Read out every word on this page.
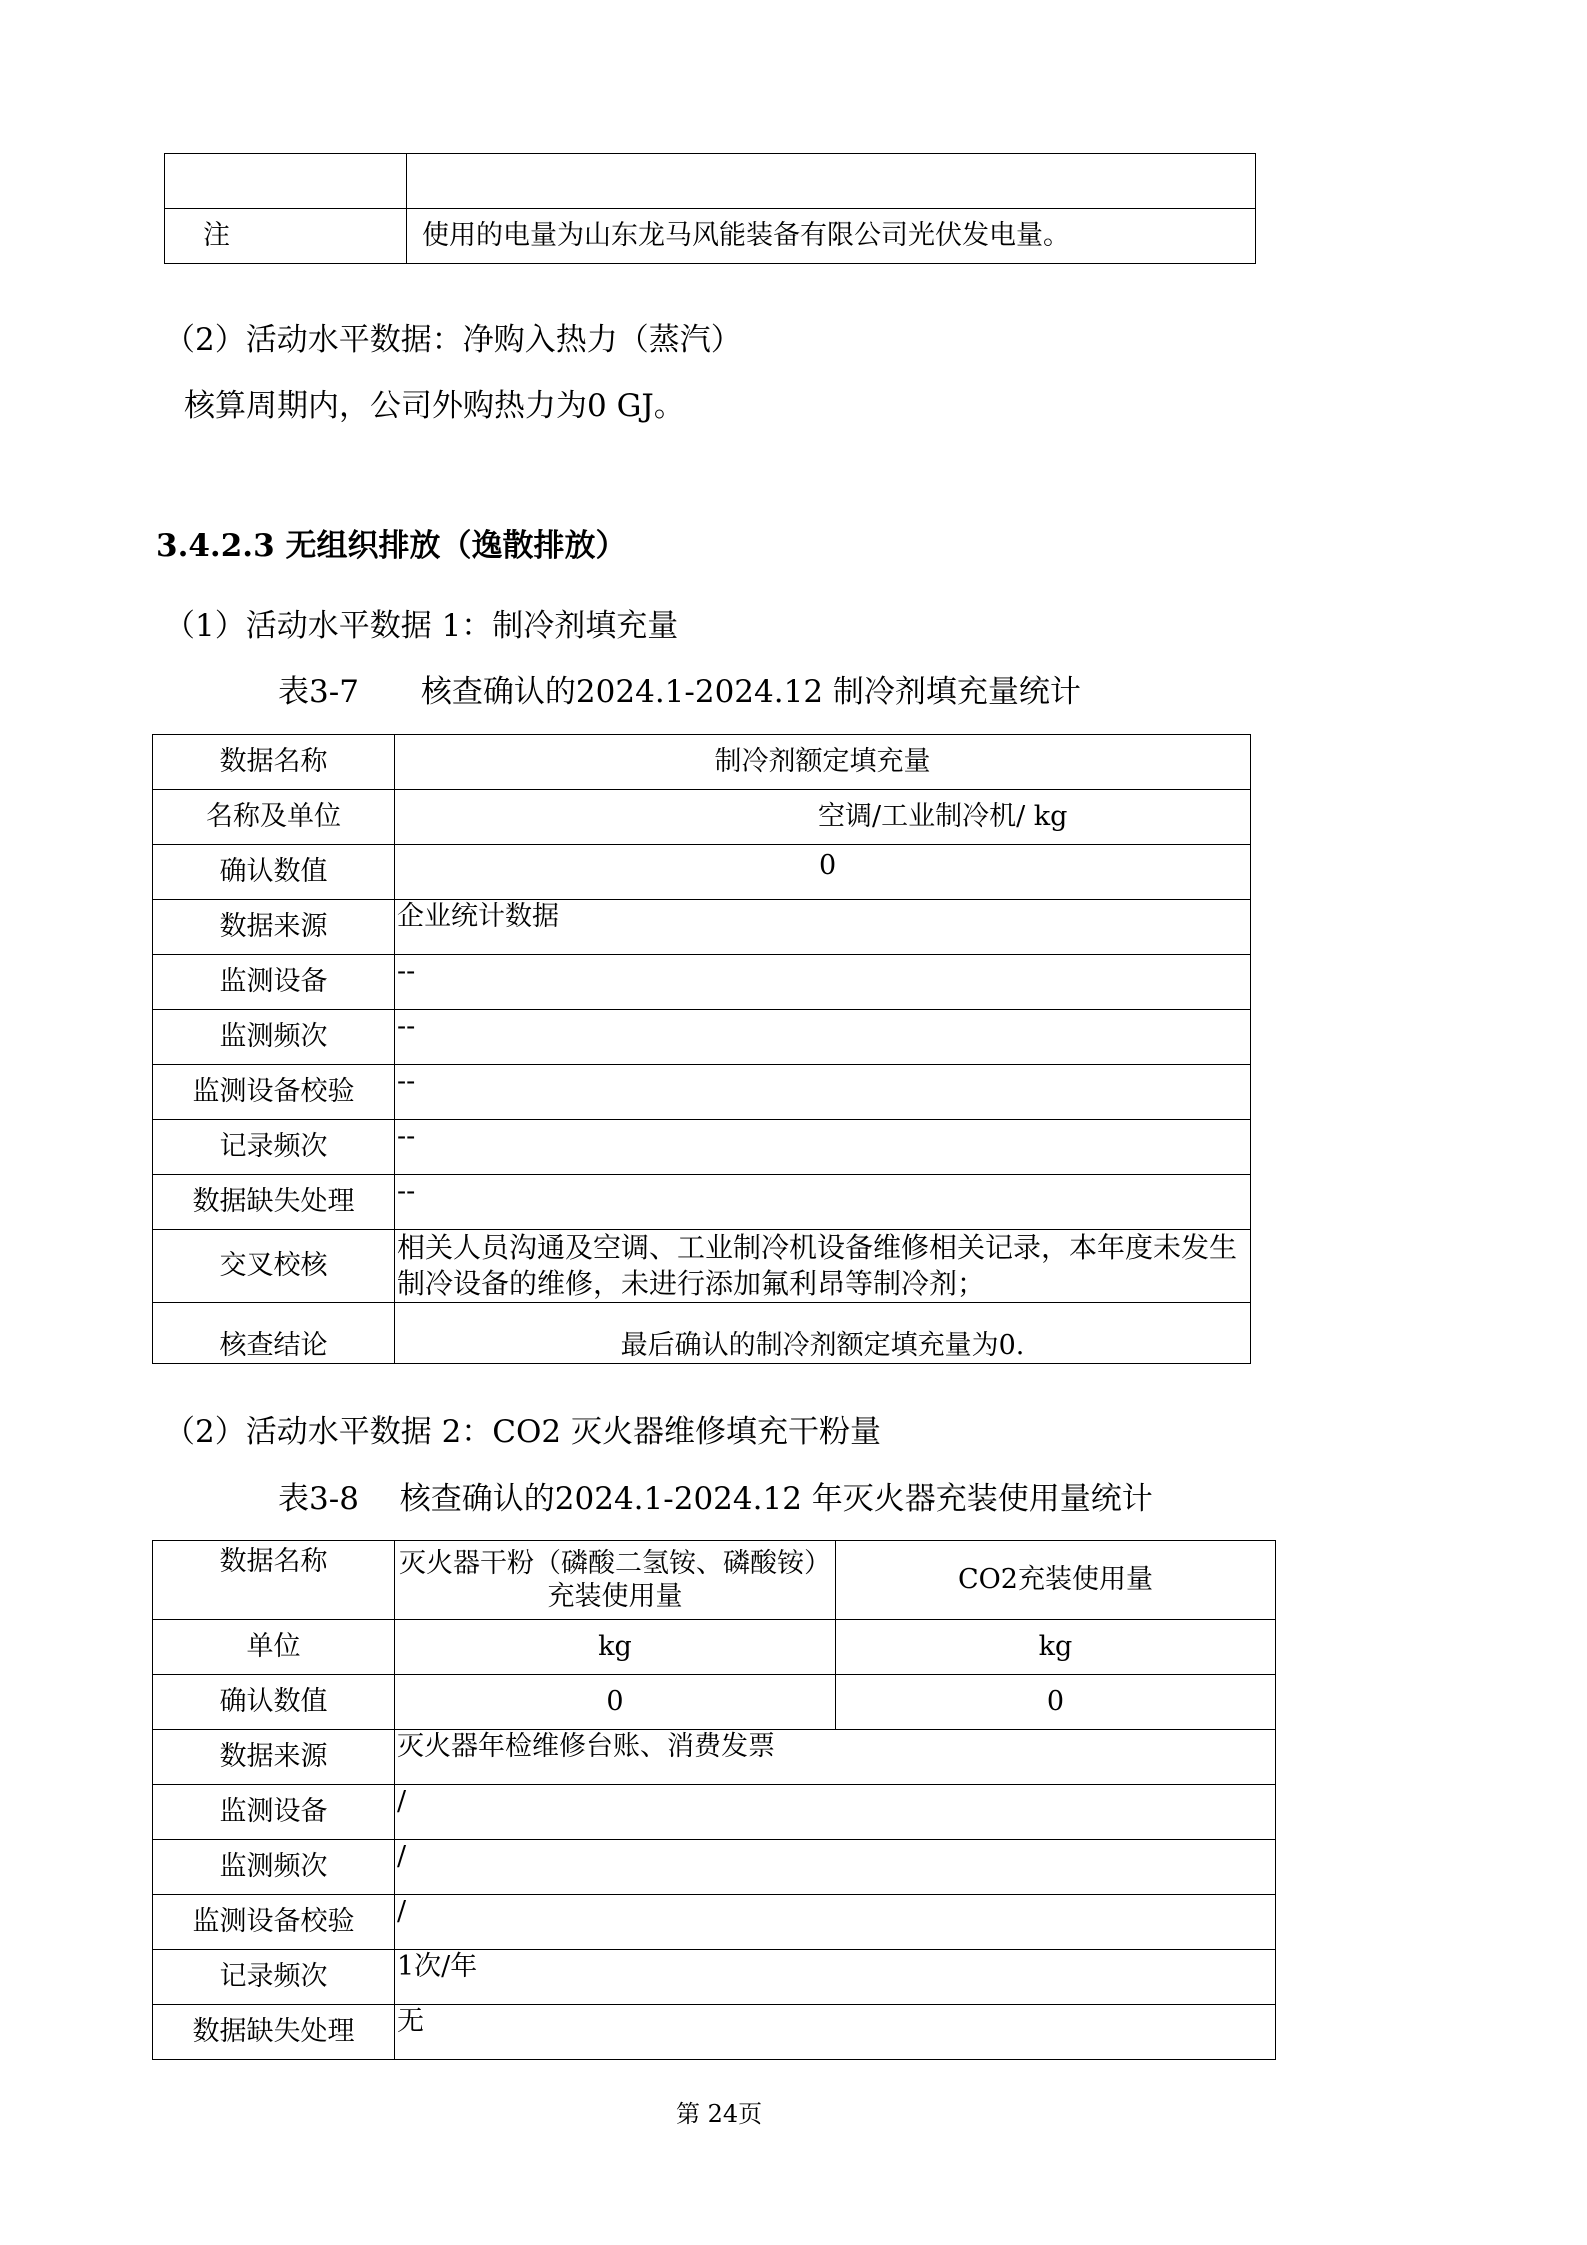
注	使用的电量为山东龙马风能装备有限公司光伏发电量。
（2）活动水平数据：净购入热力（蒸汽）
核算周期内，公司外购热力为0 GJ。
3.4.2.3 无组织排放（逸散排放）
（1）活动水平数据 1：制冷剂填充量
表3-7　　核查确认的2024.1-2024.12 制冷剂填充量统计
数据名称	制冷剂额定填充量
名称及单位	空调/工业制冷机/ kg
确认数值	0
数据来源	企业统计数据
监测设备	--
监测频次	--
监测设备校验	--
记录频次	--
数据缺失处理	--
交叉校核	相关人员沟通及空调、工业制冷机设备维修相关记录，本年度未发生制冷设备的维修，未进行添加氟利昂等制冷剂；
核查结论	最后确认的制冷剂额定填充量为0.
（2）活动水平数据 2：CO2 灭火器维修填充干粉量
表3-8　 核查确认的2024.1-2024.12 年灭火器充装使用量统计
数据名称	灭火器干粉（磷酸二氢铵、磷酸铵）充装使用量	CO2充装使用量
单位	kg	kg
确认数值	0	0
数据来源	灭火器年检维修台账、消费发票	
监测设备	/	
监测频次	/	
监测设备校验	/	
记录频次	1次/年	
数据缺失处理	无	
第 24页
